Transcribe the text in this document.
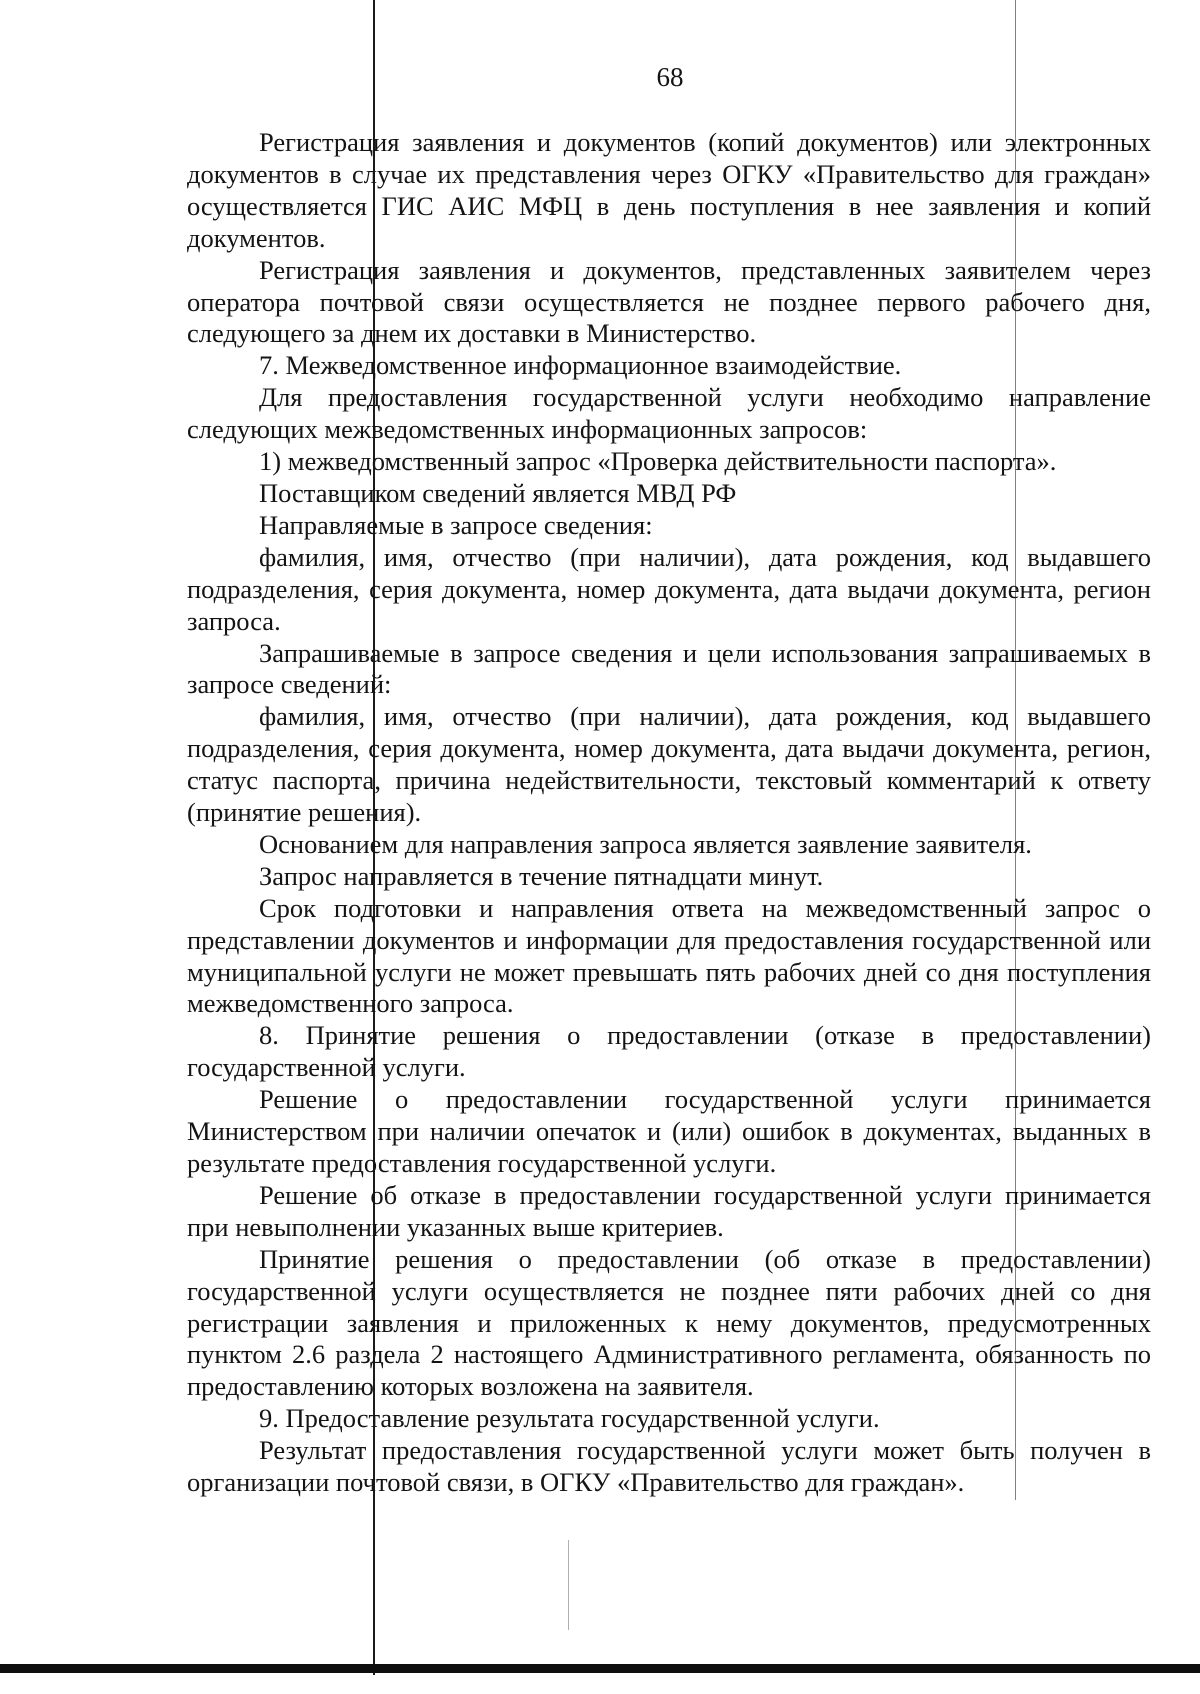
68

Регистрация заявления и документов (копий документов) или электронных документов в случае их представления через ОГКУ «Правительство для граждан» осуществляется ГИС АИС МФЦ в день поступления в нее заявления и копий документов.

Регистрация заявления и документов, представленных заявителем через оператора почтовой связи осуществляется не позднее первого рабочего дня, следующего за днем их доставки в Министерство.

7. Межведомственное информационное взаимодействие.

Для предоставления государственной услуги необходимо направление следующих межведомственных информационных запросов:

1) межведомственный запрос «Проверка действительности паспорта».

Поставщиком сведений является МВД РФ

Направляемые в запросе сведения:

фамилия, имя, отчество (при наличии), дата рождения, код выдавшего подразделения, серия документа, номер документа, дата выдачи документа, регион запроса.

Запрашиваемые в запросе сведения и цели использования запрашиваемых в запросе сведений:

фамилия, имя, отчество (при наличии), дата рождения, код выдавшего подразделения, серия документа, номер документа, дата выдачи документа, регион, статус паспорта, причина недействительности, текстовый комментарий к ответу (принятие решения).

Основанием для направления запроса является заявление заявителя.

Запрос направляется в течение пятнадцати минут.

Срок подготовки и направления ответа на межведомственный запрос о представлении документов и информации для предоставления государственной или муниципальной услуги не может превышать пять рабочих дней со дня поступления межведомственного запроса.

8. Принятие решения о предоставлении (отказе в предоставлении) государственной услуги.

Решение о предоставлении государственной услуги принимается Министерством при наличии опечаток и (или) ошибок в документах, выданных в результате предоставления государственной услуги.

Решение об отказе в предоставлении государственной услуги принимается при невыполнении указанных выше критериев.

Принятие решения о предоставлении (об отказе в предоставлении) государственной услуги осуществляется не позднее пяти рабочих дней со дня регистрации заявления и приложенных к нему документов, предусмотренных пунктом 2.6 раздела 2 настоящего Административного регламента, обязанность по предоставлению которых возложена на заявителя.

9. Предоставление результата государственной услуги.

Результат предоставления государственной услуги может быть получен в организации почтовой связи, в ОГКУ «Правительство для граждан».
